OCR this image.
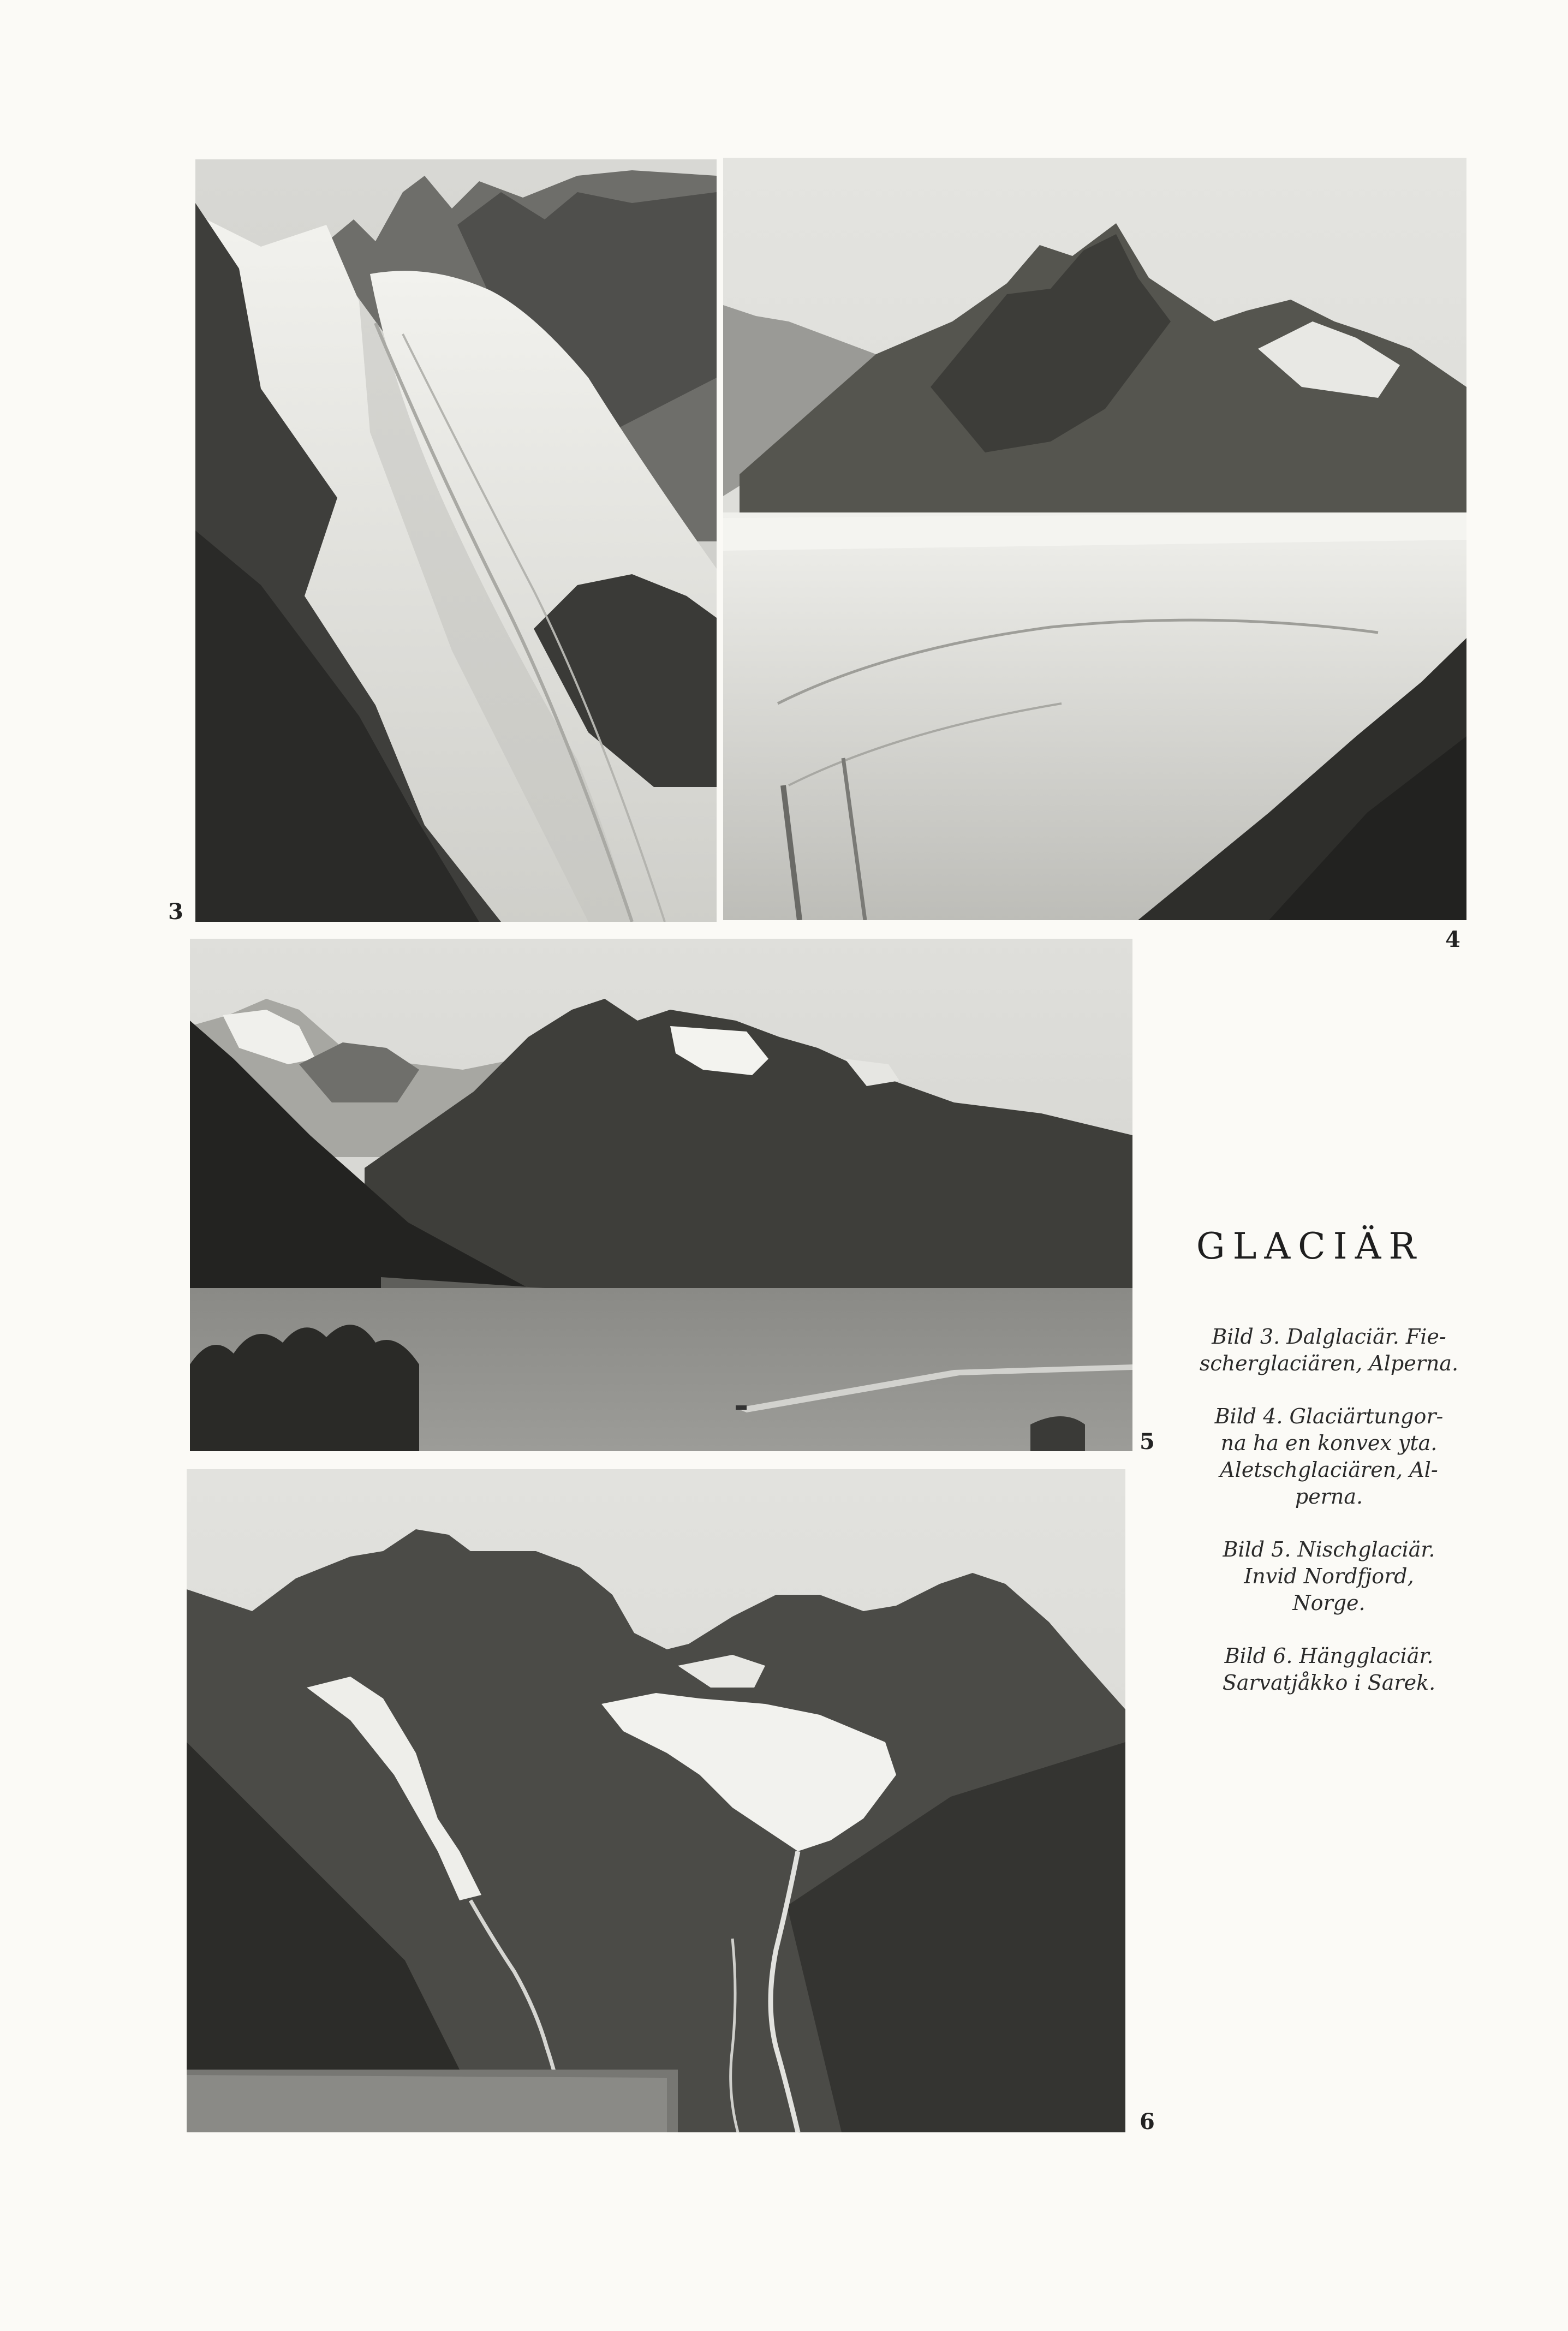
3
4
5
6
GLACIÄR
Bild 3. Dalglaciär. Fie-
scherglaciären, Alperna.
Bild 4. Glaciärtungor-
na ha en konvex yta.
Aletschglaciären, Al-
perna.
Bild 5. Nischglaciär.
Invid Nordfjord,
Norge.
Bild 6. Hängglaciär.
Sarvatjåkko i Sarek.
